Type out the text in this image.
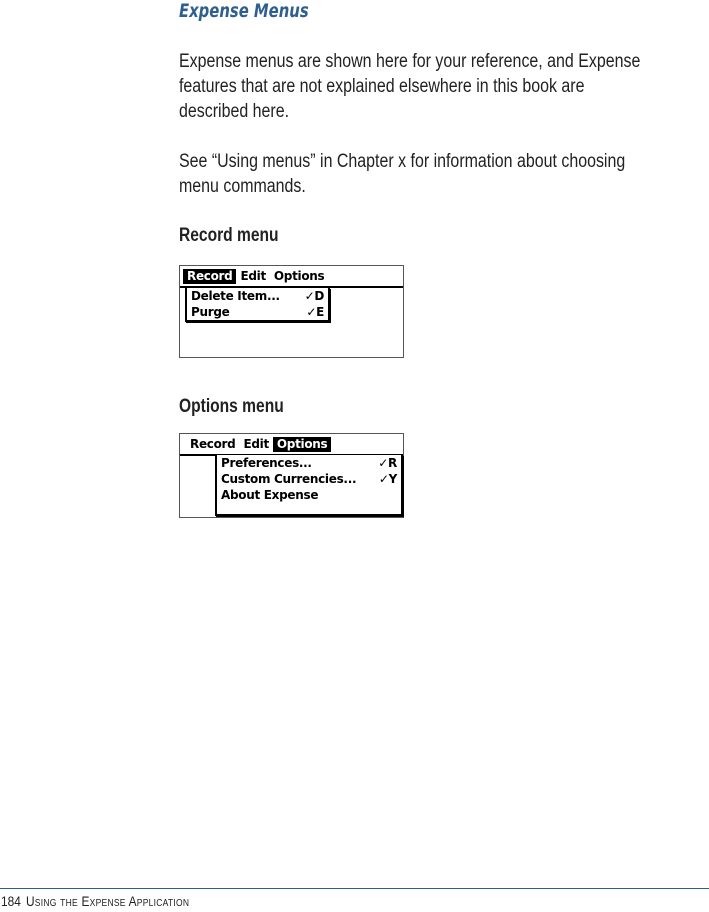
Expense Menus

Expense menus are shown here for your reference, and Expense
features that are not explained elsewhere in this book are
described here.

See “Using menus” in Chapter x for information about choosing
menu commands.

Record menu
Record Edit Options
Delete Item...	✓D
Purge	✓E
Options menu
Record Edit Options
Preferences...	✓R
Custom Currencies...	✓Y
About Expense
184 Using the Expense Application
